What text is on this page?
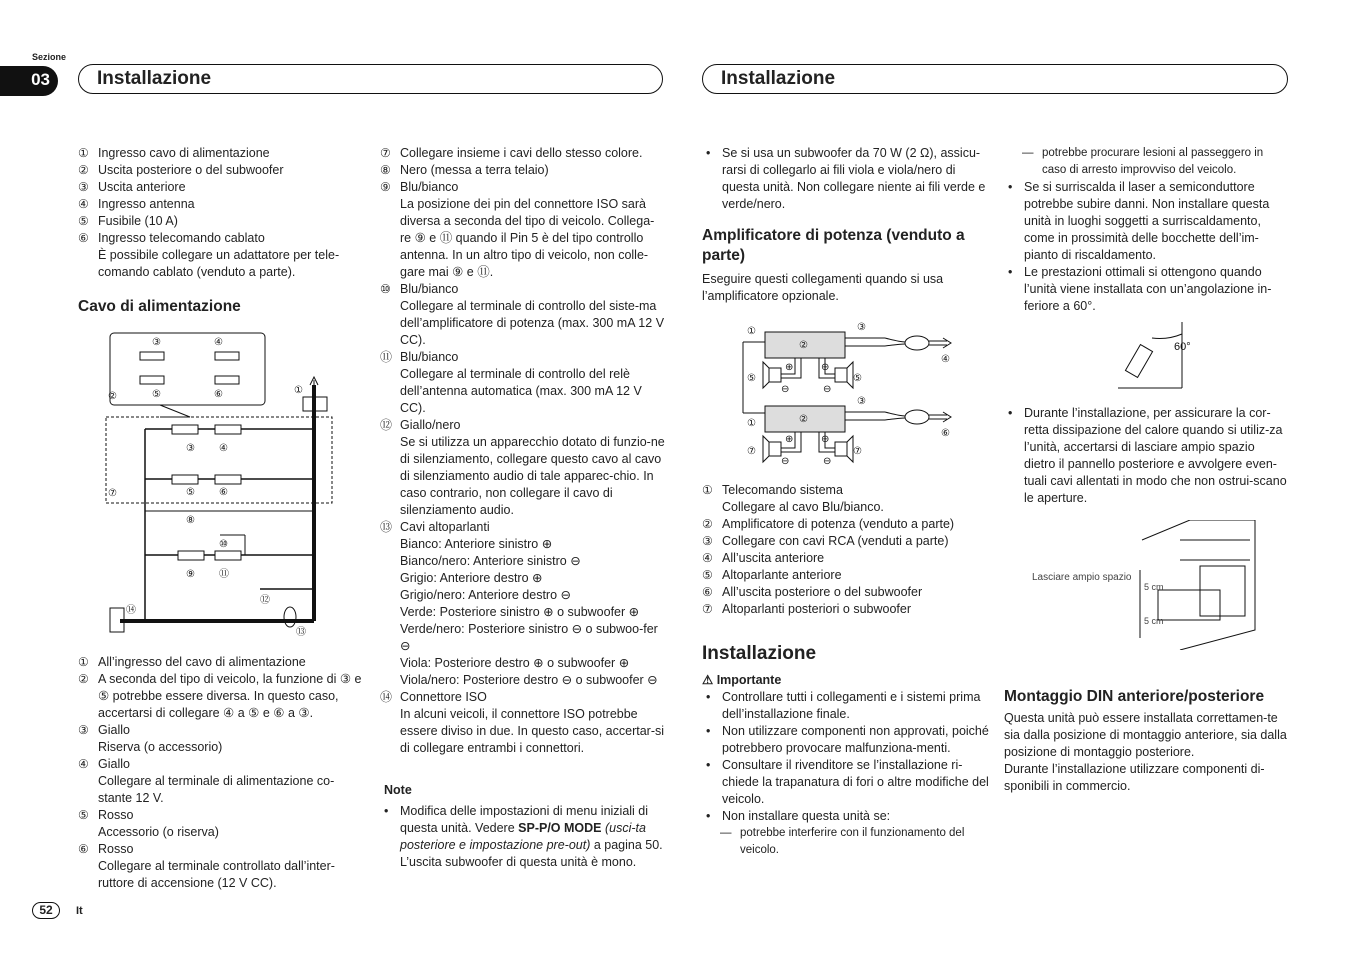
Sezione
03	Installazione	Installazione
① Ingresso cavo di alimentazione
② Uscita posteriore o del subwoofer
③ Uscita anteriore
④ Ingresso antenna
⑤ Fusibile (10 A)
⑥ Ingresso telecomando cablato
È possibile collegare un adattatore per tele-comando cablato (venduto a parte).
Cavo di alimentazione
③	④
⑤	⑥
②
①
③ ④
⑤ ⑥
⑦
⑧
⑩
⑨ ⑪
⑫
⑭
⑬
① All’ingresso del cavo di alimentazione
② A seconda del tipo di veicolo, la funzione di ③ e ⑤ potrebbe essere diversa. In questo caso, accertarsi di collegare ④ a ⑤ e ⑥ a ③.
③ Giallo
Riserva (o accessorio)
④ Giallo
Collegare al terminale di alimentazione co-stante 12 V.
⑤ Rosso
Accessorio (o riserva)
⑥ Rosso
Collegare al terminale controllato dall’inter-ruttore di accensione (12 V CC).
⑦ Collegare insieme i cavi dello stesso colore.
⑧ Nero (messa a terra telaio)
⑨ Blu/bianco
La posizione dei pin del connettore ISO sarà diversa a seconda del tipo di veicolo. Collega-re ⑨ e ⑪ quando il Pin 5 è del tipo controllo antenna. In un altro tipo di veicolo, non colle-gare mai ⑨ e ⑪.
⑩ Blu/bianco
Collegare al terminale di controllo del siste-ma dell’amplificatore di potenza (max. 300 mA 12 V CC).
⑪ Blu/bianco
Collegare al terminale di controllo del relè dell’antenna automatica (max. 300 mA 12 V CC).
⑫ Giallo/nero
Se si utilizza un apparecchio dotato di funzio-ne di silenziamento, collegare questo cavo al cavo di silenziamento audio di tale apparec-chio. In caso contrario, non collegare il cavo di silenziamento audio.
⑬ Cavi altoparlanti
Bianco: Anteriore sinistro ⊕
Bianco/nero: Anteriore sinistro ⊖
Grigio: Anteriore destro ⊕
Grigio/nero: Anteriore destro ⊖
Verde: Posteriore sinistro ⊕ o subwoofer ⊕
Verde/nero: Posteriore sinistro ⊖ o subwoo-fer ⊖
Viola: Posteriore destro ⊕ o subwoofer ⊕
Viola/nero: Posteriore destro ⊖ o subwoofer ⊖
⑭ Connettore ISO
In alcuni veicoli, il connettore ISO potrebbe essere diviso in due. In questo caso, accertar-si di collegare entrambi i connettori.
Note
• Modifica delle impostazioni di menu iniziali di questa unità. Vedere SP-P/O MODE (usci-ta posteriore e impostazione pre-out) a pagina 50.
L’uscita subwoofer di questa unità è mono.
• Se si usa un subwoofer da 70 W (2 Ω), assicu-rarsi di collegarlo ai fili viola e viola/nero di questa unità. Non collegare niente ai fili verde e verde/nero.
Amplificatore di potenza (venduto a parte)
Eseguire questi collegamenti quando si usa l’amplificatore opzionale.
①
②
③
④
⑤	⑤
⊕	⊕
⊖	⊖
①	②
③
⑥
⑦	⑦
⊕	⊕
⊖	⊖
① Telecomando sistema
Collegare al cavo Blu/bianco.
② Amplificatore di potenza (venduto a parte)
③ Collegare con cavi RCA (venduti a parte)
④ All’uscita anteriore
⑤ Altoparlante anteriore
⑥ All’uscita posteriore o del subwoofer
⑦ Altoparlanti posteriori o subwoofer
Installazione
⚠ Importante
• Controllare tutti i collegamenti e i sistemi prima dell’installazione finale.
• Non utilizzare componenti non approvati, poiché potrebbero provocare malfunziona-menti.
• Consultare il rivenditore se l’installazione ri-chiede la trapanatura di fori o altre modifiche del veicolo.
• Non installare questa unità se:
— potrebbe interferire con il funzionamento del veicolo.
— potrebbe procurare lesioni al passeggero in caso di arresto improvviso del veicolo.
• Se si surriscalda il laser a semiconduttore potrebbe subire danni. Non installare questa unità in luoghi soggetti a surriscaldamento, come in prossimità delle bocchette dell’im-pianto di riscaldamento.
• Le prestazioni ottimali si ottengono quando l’unità viene installata con un’angolazione in-feriore a 60°.
60°
• Durante l’installazione, per assicurare la cor-retta dissipazione del calore quando si utiliz-za l’unità, accertarsi di lasciare ampio spazio dietro il pannello posteriore e avvolgere even-tuali cavi allentati in modo che non ostrui-scano le aperture.
Lasciare ampio spazio
5 cm
5 cm
Montaggio DIN anteriore/posteriore
Questa unità può essere installata correttamen-te sia dalla posizione di montaggio anteriore, sia dalla posizione di montaggio posteriore.
Durante l’installazione utilizzare componenti di-sponibili in commercio.
52	It
